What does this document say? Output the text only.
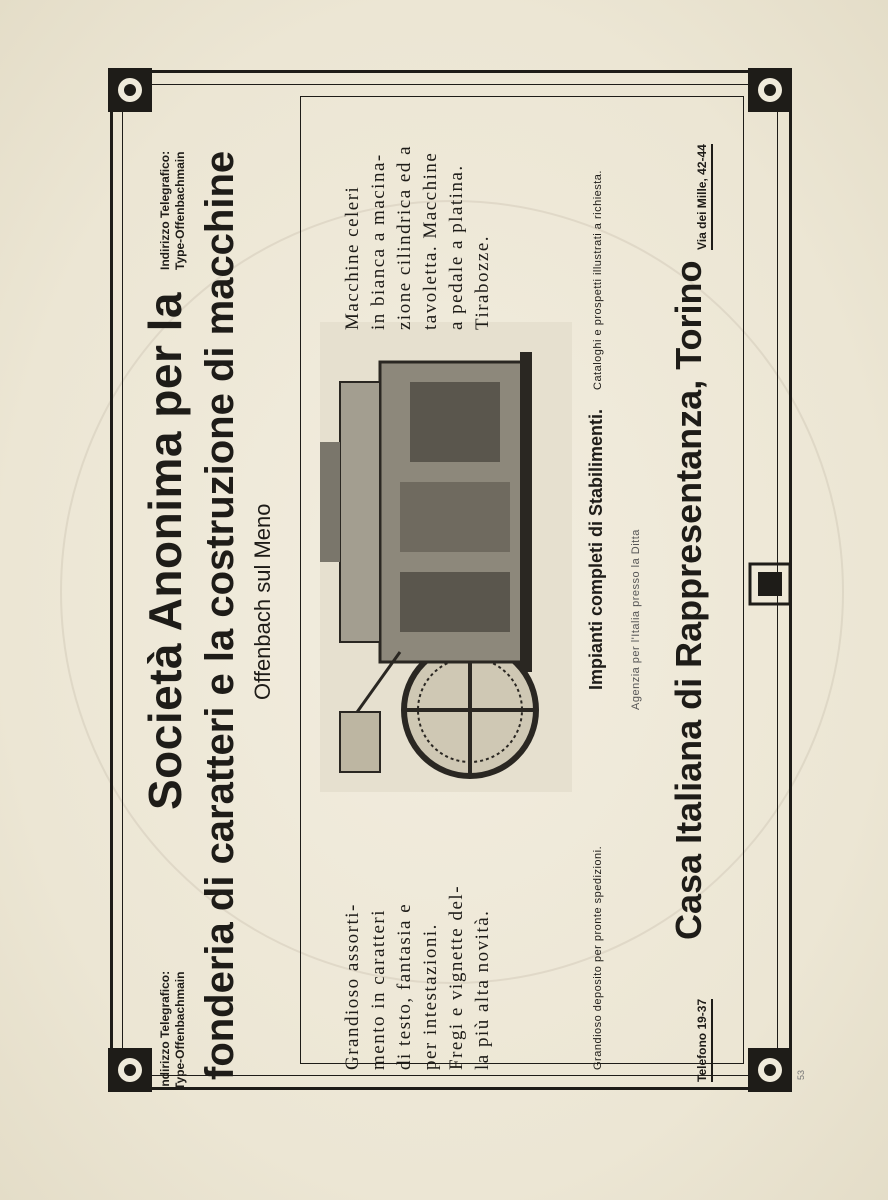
Indirizzo Telegrafico: Type-Offenbachmain
Indirizzo Telegrafico: Type-Offenbachmain
Società Anonima per la fonderia di caratteri e la costruzione di macchine Offenbach sul Meno
Grandioso assorti- mento in caratteri di testo, fantasia e per intestazioni. Fregi e vignette del- la più alta novità.
Macchine celeri in bianca a macina- zione cilindrica ed a tavoletta. Macchine a pedale a platina. Tirabozze.
Grandioso deposito per pronte spedizioni.
Impianti completi di Stabilimenti.
Cataloghi e prospetti illustrati a richiesta.
Agenzia per l'Italia presso la Ditta
Telefono 19-37
Casa Italiana di Rappresentanza, Torino
Via dei Mille, 42-44
53
